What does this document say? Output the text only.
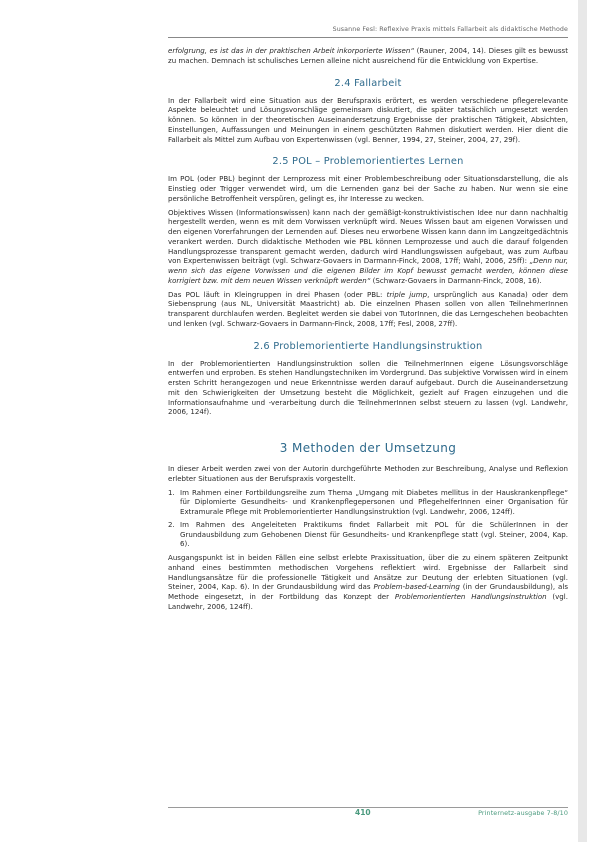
Susanne Fesl: Reflexive Praxis mittels Fallarbeit als didaktische Methode

erfolgrung, es ist das in der praktischen Arbeit inkorporierte Wissen“ (Rauner, 2004, 14). Dieses gilt es bewusst zu machen. Demnach ist schulisches Lernen alleine nicht ausreichend für die Entwicklung von Expertise.

2.4 Fallarbeit

In der Fallarbeit wird eine Situation aus der Berufspraxis erörtert, es werden verschiedene pflegerelevante Aspekte beleuchtet und Lösungsvorschläge gemeinsam diskutiert, die später tatsächlich umgesetzt werden können. So können in der theoretischen Auseinandersetzung Ergebnisse der praktischen Tätigkeit, Absichten, Einstellungen, Auffassungen und Meinungen in einem geschützten Rahmen diskutiert werden. Hier dient die Fallarbeit als Mittel zum Aufbau von Expertenwissen (vgl. Benner, 1994, 27, Steiner, 2004, 27, 29f).

2.5 POL – Problemorientiertes Lernen

Im POL (oder PBL) beginnt der Lernprozess mit einer Problembeschreibung oder Situationsdarstellung, die als Einstieg oder Trigger verwendet wird, um die Lernenden ganz bei der Sache zu haben. Nur wenn sie eine persönliche Betroffenheit verspüren, gelingt es, ihr Interesse zu wecken.

Objektives Wissen (Informationswissen) kann nach der gemäßigt-konstruktivistischen Idee nur dann nachhaltig hergestellt werden, wenn es mit dem Vorwissen verknüpft wird. Neues Wissen baut am eigenen Vorwissen und den eigenen Vorerfahrungen der Lernenden auf. Dieses neu erworbene Wissen kann dann im Langzeitgedächtnis verankert werden. Durch didaktische Methoden wie PBL können Lernprozesse und auch die darauf folgenden Handlungsprozesse transparent gemacht werden, dadurch wird Handlungswissen aufgebaut, was zum Aufbau von Expertenwissen beiträgt (vgl. Schwarz-Govaers in Darmann-Finck, 2008, 17ff; Wahl, 2006, 25ff): „Denn nur, wenn sich das eigene Vorwissen und die eigenen Bilder im Kopf bewusst gemacht werden, können diese korrigiert bzw. mit dem neuen Wissen verknüpft werden“ (Schwarz-Govaers in Darmann-Finck, 2008, 16).

Das POL läuft in Kleingruppen in drei Phasen (oder PBL: triple jump, ursprünglich aus Kanada) oder dem Siebensprung (aus NL, Universität Maastricht) ab. Die einzelnen Phasen sollen von allen TeilnehmerInnen transparent durchlaufen werden. Begleitet werden sie dabei von TutorInnen, die das Lerngeschehen beobachten und lenken (vgl. Schwarz-Govaers in Darmann-Finck, 2008, 17ff; Fesl, 2008, 27ff).

2.6 Problemorientierte Handlungsinstruktion

In der Problemorientierten Handlungsinstruktion sollen die TeilnehmerInnen eigene Lösungsvorschläge entwerfen und erproben. Es stehen Handlungstechniken im Vordergrund. Das subjektive Vorwissen wird in einem ersten Schritt herangezogen und neue Erkenntnisse werden darauf aufgebaut. Durch die Auseinandersetzung mit den Schwierigkeiten der Umsetzung besteht die Möglichkeit, gezielt auf Fragen einzugehen und die Informationsaufnahme und -verarbeitung durch die TeilnehmerInnen selbst steuern zu lassen (vgl. Landwehr, 2006, 124f).

3 Methoden der Umsetzung

In dieser Arbeit werden zwei von der Autorin durchgeführte Methoden zur Beschreibung, Analyse und Reflexion erlebter Situationen aus der Berufspraxis vorgestellt.

1. Im Rahmen einer Fortbildungsreihe zum Thema „Umgang mit Diabetes mellitus in der Hauskrankenpflege“ für Diplomierte Gesundheits- und Krankenpflegepersonen und PflegehelferInnen einer Organisation für Extramurale Pflege mit Problemorientierter Handlungsinstruktion (vgl. Landwehr, 2006, 124ff).
2. Im Rahmen des Angeleiteten Praktikums findet Fallarbeit mit POL für die SchülerInnen in der Grundausbildung zum Gehobenen Dienst für Gesundheits- und Krankenpflege statt (vgl. Steiner, 2004, Kap. 6).

Ausgangspunkt ist in beiden Fällen eine selbst erlebte Praxissituation, über die zu einem späteren Zeitpunkt anhand eines bestimmten methodischen Vorgehens reflektiert wird. Ergebnisse der Fallarbeit sind Handlungsansätze für die professionelle Tätigkeit und Ansätze zur Deutung der erlebten Situationen (vgl. Steiner, 2004, Kap. 6). In der Grundausbildung wird das Problem-based-Learning (in der Grundausbildung), als Methode eingesetzt, in der Fortbildung das Konzept der Problemorientierten Handlungsinstruktion (vgl. Landwehr, 2006, 124ff).

410	Printernetz-ausgabe 7-8/10
